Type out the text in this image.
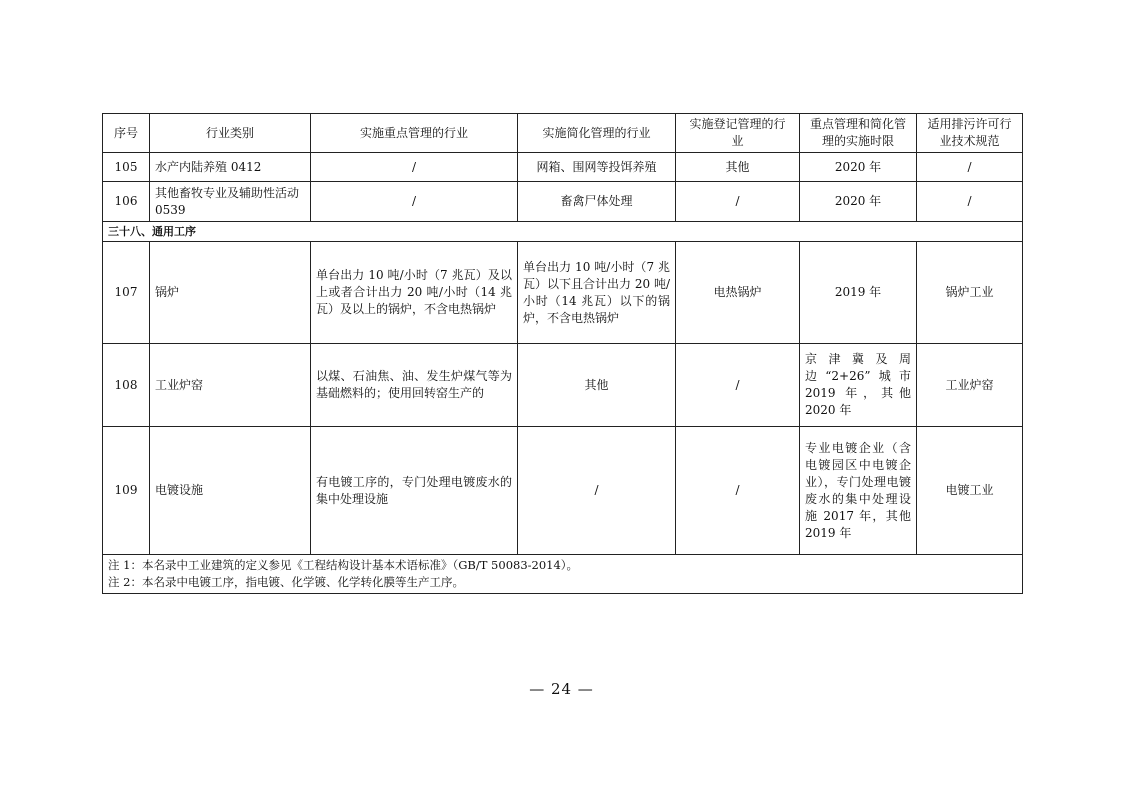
序号	行业类别	实施重点管理的行业	实施简化管理的行业	实施登记管理的行　　业	重点管理和简化管理的实施时限	适用排污许可行业技术规范
105	水产内陆养殖 0412	/	网箱、围网等投饵养殖	其他	2020 年	/
106	其他畜牧专业及辅助性活动 0539	/	畜禽尸体处理	/	2020 年	/
三十八、通用工序						
107	锅炉	单台出力 10 吨/小时（7 兆瓦）及以上或者合计出力 20 吨/小时（14 兆瓦）及以上的锅炉，不含电热锅炉	单台出力 10 吨/小时（7 兆瓦）以下且合计出力 20 吨/小时（14 兆瓦）以下的锅炉，不含电热锅炉	电热锅炉	2019 年	锅炉工业
108	工业炉窑	以煤、石油焦、油、发生炉煤气等为基础燃料的；使用回转窑生产的	其他	/	京津冀及周边“2+26”城市 2019 年，其他 2020 年	工业炉窑
109	电镀设施	有电镀工序的，专门处理电镀废水的集中处理设施	/	/	专业电镀企业（含电镀园区中电镀企业），专门处理电镀废水的集中处理设施 2017 年，其他 2019 年	电镀工业

注 1：本名录中工业建筑的定义参见《工程结构设计基本术语标准》（GB/T 50083-2014）。
注 2：本名录中电镀工序，指电镀、化学镀、化学转化膜等生产工序。						
— 24 —
